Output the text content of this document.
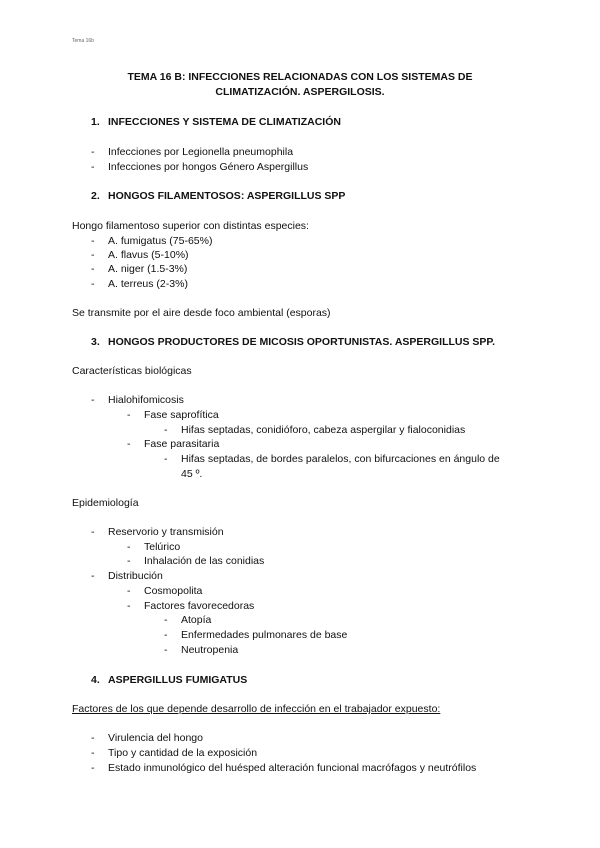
Tema 16b
TEMA 16 B: INFECCIONES RELACIONADAS CON LOS SISTEMAS DE
CLIMATIZACIÓN. ASPERGILOSIS.
1. INFECCIONES Y SISTEMA DE CLIMATIZACIÓN
- Infecciones por Legionella pneumophila
- Infecciones por hongos Género Aspergillus
2. HONGOS FILAMENTOSOS: ASPERGILLUS SPP
Hongo filamentoso superior con distintas especies:
- A. fumigatus (75-65%)
- A. flavus (5-10%)
- A. niger (1.5-3%)
- A. terreus (2-3%)
Se transmite por el aire desde foco ambiental (esporas)
3. HONGOS PRODUCTORES DE MICOSIS OPORTUNISTAS. ASPERGILLUS SPP.
Características biológicas
- Hialohifomicosis
- Fase saprofítica
- Hifas septadas, conidióforo, cabeza aspergilar y fialoconidias
- Fase parasitaria
- Hifas septadas, de bordes paralelos, con bifurcaciones en ángulo de
45 º.
Epidemiología
- Reservorio y transmisión
- Telúrico
- Inhalación de las conidias
- Distribución
- Cosmopolita
- Factores favorecedoras
- Atopía
- Enfermedades pulmonares de base
- Neutropenia
4. ASPERGILLUS FUMIGATUS
Factores de los que depende desarrollo de infección en el trabajador expuesto:
- Virulencia del hongo
- Tipo y cantidad de la exposición
- Estado inmunológico del huésped alteración funcional macrófagos y neutrófilos
